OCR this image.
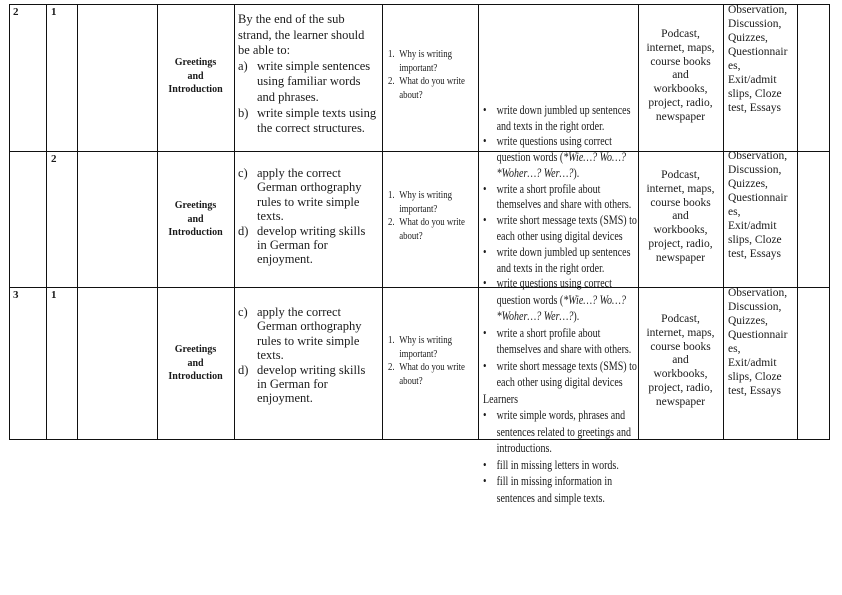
2	1
Greetings
and
Introduction
By the end of the sub
strand, the learner should
be able to:
a) write simple sentences
using familiar words
and phrases.
b) write simple texts using
the correct structures.
1. Why is writing
important?
2. What do you write
about?
Podcast,
internet, maps,
course books
and
workbooks,
project, radio,
newspaper
Observation,
Discussion,
Quizzes,
Questionnair
es,
Exit/admit
slips, Cloze
test, Essays
2
Greetings
and
Introduction
c) apply the correct
German orthography
rules to write simple
texts.
d) develop writing skills
in German for
enjoyment.
1. Why is writing
important?
2. What do you write
about?
Podcast,
internet, maps,
course books
and
workbooks,
project, radio,
newspaper
Observation,
Discussion,
Quizzes,
Questionnair
es,
Exit/admit
slips, Cloze
test, Essays
3	1
Greetings
and
Introduction
c) apply the correct
German orthography
rules to write simple
texts.
d) develop writing skills
in German for
enjoyment.
1. Why is writing
important?
2. What do you write
about?
Podcast,
internet, maps,
course books
and
workbooks,
project, radio,
newspaper
Observation,
Discussion,
Quizzes,
Questionnair
es,
Exit/admit
slips, Cloze
test, Essays
• write down jumbled up sentences
and texts in the right order.
• write questions using correct
question words (*Wie…? Wo…?
*Woher…? Wer…?).
• write a short profile about
themselves and share with others.
• write short message texts (SMS) to
each other using digital devices
• write down jumbled up sentences
and texts in the right order.
• write questions using correct
question words (*Wie…? Wo…?
*Woher…? Wer…?).
• write a short profile about
themselves and share with others.
• write short message texts (SMS) to
each other using digital devices
Learners
• write simple words, phrases and
sentences related to greetings and
introductions.
• fill in missing letters in words.
• fill in missing information in
sentences and simple texts.
